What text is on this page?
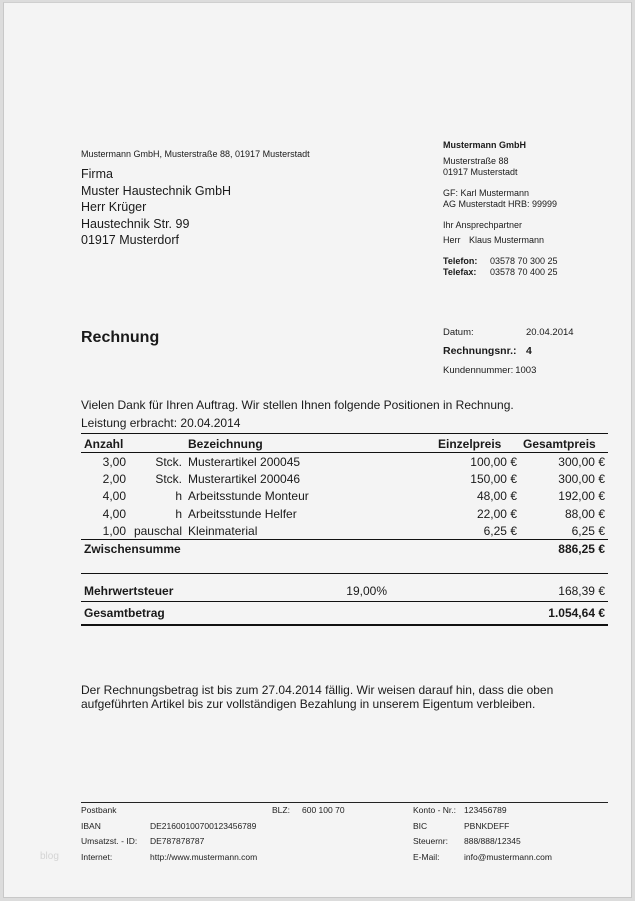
Mustermann GmbH, Musterstraße 88, 01917 Musterstadt
Firma
Muster Haustechnik GmbH
Herr Krüger
Haustechnik Str. 99
01917 Musterdorf
Mustermann GmbH
Musterstraße 88
01917 Musterstadt
GF: Karl Mustermann
AG Musterstadt HRB: 99999
Ihr Ansprechpartner
Herr Klaus Mustermann
Telefon:	03578 70 300 25
Telefax:	03578 70 400 25
Rechnung	Datum:	20.04.2014
Rechnungsnr.: 4
Kundennummer: 1003
Vielen Dank für Ihren Auftrag. Wir stellen Ihnen folgende Positionen in Rechnung.
Leistung erbracht: 20.04.2014
Anzahl		Bezeichnung	Einzelpreis	Gesamtpreis
3,00	Stck.	Musterartikel 200045	100,00 €	300,00 €
2,00	Stck.	Musterartikel 200046	150,00 €	300,00 €
4,00	h	Arbeitsstunde Monteur	48,00 €	192,00 €
4,00	h	Arbeitsstunde Helfer	22,00 €	88,00 €
1,00	pauschal	Kleinmaterial	6,25 €	6,25 €
Zwischensumme				886,25 €

Mehrwertsteuer		19,00%		168,39 €
Gesamtbetrag				1.054,64 €
Der Rechnungsbetrag ist bis zum 27.04.2014 fällig. Wir weisen darauf hin, dass die oben
aufgeführten Artikel bis zur vollständigen Bezahlung in unserem Eigentum verbleiben.
Postbank	BLZ: 600 100 70	Konto - Nr.: 123456789
IBAN	DE21600100700123456789	BIC	PBNKDEFF
Umsatzst. - ID: DE787878787	Steuernr: 888/888/12345
Internet:	http://www.mustermann.com	E-Mail:	info@mustermann.com
blog
